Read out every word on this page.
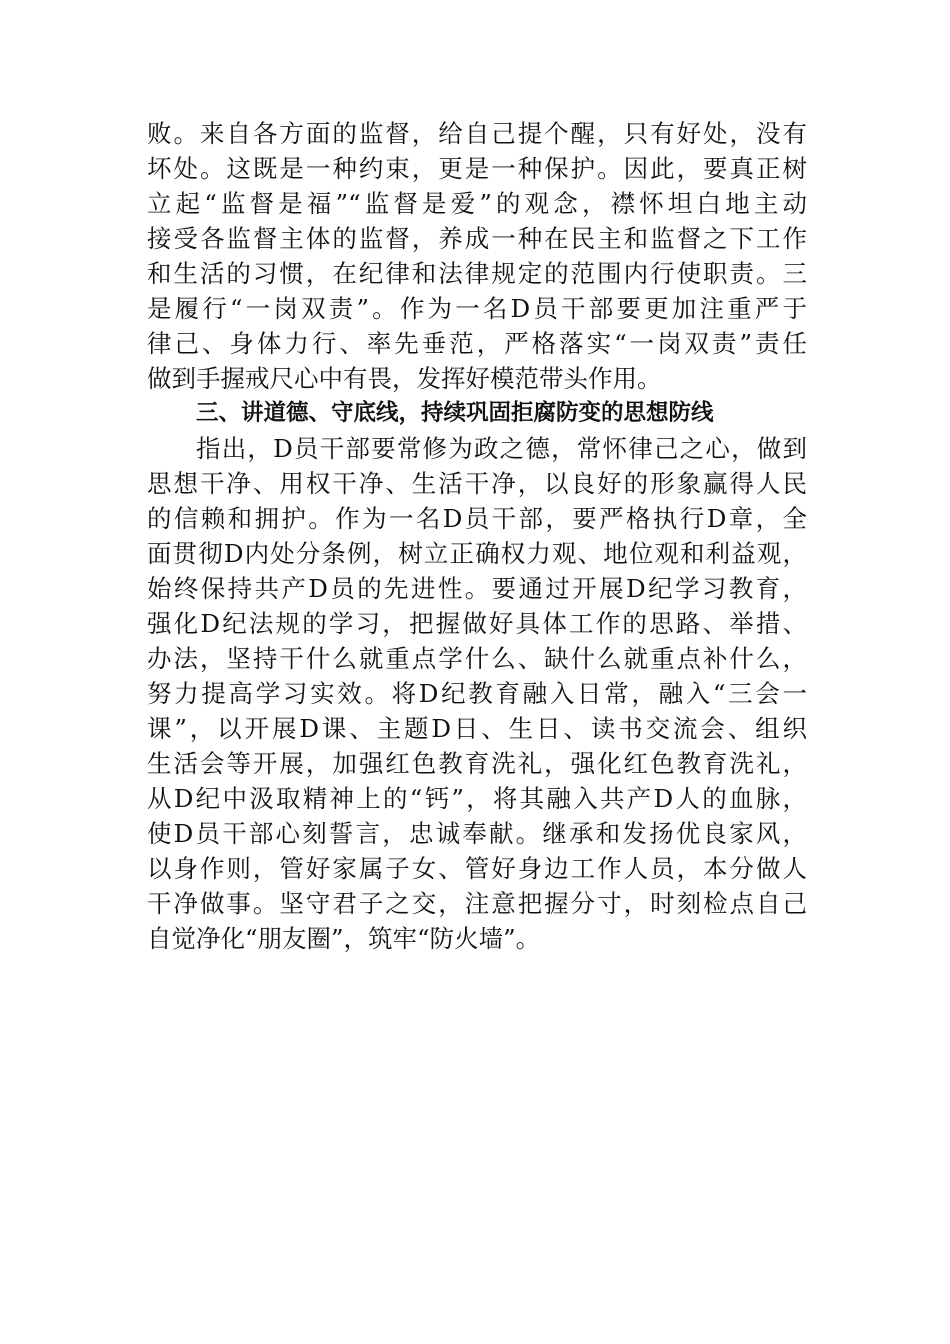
败。来自各方面的监督，给自己提个醒，只有好处，没有
坏处。这既是一种约束，更是一种保护。因此，要真正树
立起“监督是福”“监督是爱”的观念，襟怀坦白地主动
接受各监督主体的监督，养成一种在民主和监督之下工作
和生活的习惯，在纪律和法律规定的范围内行使职责。三
是履行“一岗双责”。作为一名D员干部要更加注重严于
律己、身体力行、率先垂范，严格落实“一岗双责”责任
做到手握戒尺心中有畏，发挥好模范带头作用。
三、讲道德、守底线，持续巩固拒腐防变的思想防线
指出，D员干部要常修为政之德，常怀律己之心，做到
思想干净、用权干净、生活干净，以良好的形象赢得人民
的信赖和拥护。作为一名D员干部，要严格执行D章，全
面贯彻D内处分条例，树立正确权力观、地位观和利益观，
始终保持共产D员的先进性。要通过开展D纪学习教育，
强化D纪法规的学习，把握做好具体工作的思路、举措、
办法，坚持干什么就重点学什么、缺什么就重点补什么，
努力提高学习实效。将D纪教育融入日常，融入“三会一
课”，以开展D课、主题D日、生日、读书交流会、组织
生活会等开展，加强红色教育洗礼，强化红色教育洗礼，
从D纪中汲取精神上的“钙”，将其融入共产D人的血脉，
使D员干部心刻誓言，忠诚奉献。继承和发扬优良家风，
以身作则，管好家属子女、管好身边工作人员，本分做人
干净做事。坚守君子之交，注意把握分寸，时刻检点自己
自觉净化“朋友圈”，筑牢“防火墙”。
